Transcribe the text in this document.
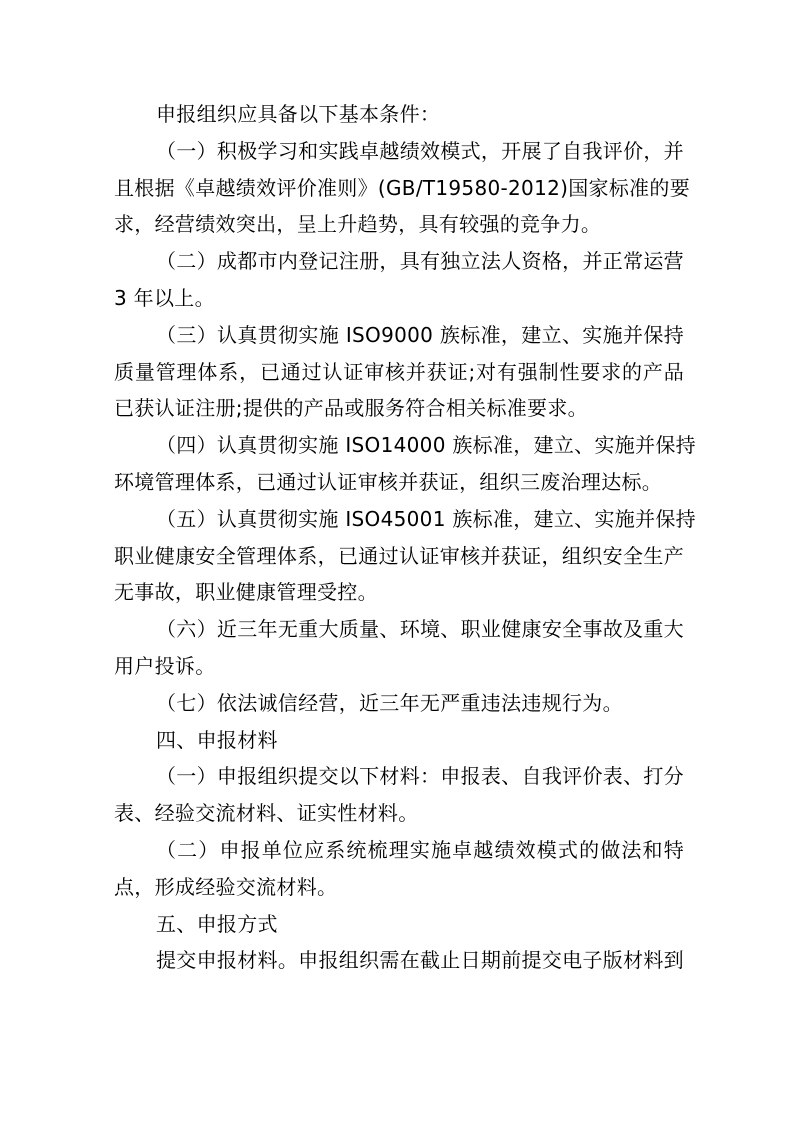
申报组织应具备以下基本条件：

（一）积极学习和实践卓越绩效模式，开展了自我评价，并
且根据《卓越绩效评价准则》(GB/T19580-2012)国家标准的要
求，经营绩效突出，呈上升趋势，具有较强的竞争力。

（二）成都市内登记注册，具有独立法人资格，并正常运营
3 年以上。

（三）认真贯彻实施 ISO9000 族标准，建立、实施并保持
质量管理体系，已通过认证审核并获证;对有强制性要求的产品
已获认证注册;提供的产品或服务符合相关标准要求。

（四）认真贯彻实施 ISO14000 族标准，建立、实施并保持
环境管理体系，已通过认证审核并获证，组织三废治理达标。

（五）认真贯彻实施 ISO45001 族标准，建立、实施并保持
职业健康安全管理体系，已通过认证审核并获证，组织安全生产
无事故，职业健康管理受控。

（六）近三年无重大质量、环境、职业健康安全事故及重大
用户投诉。

（七）依法诚信经营，近三年无严重违法违规行为。

四、申报材料

（一）申报组织提交以下材料：申报表、自我评价表、打分
表、经验交流材料、证实性材料。

（二）申报单位应系统梳理实施卓越绩效模式的做法和特
点，形成经验交流材料。

五、申报方式

提交申报材料。申报组织需在截止日期前提交电子版材料到
